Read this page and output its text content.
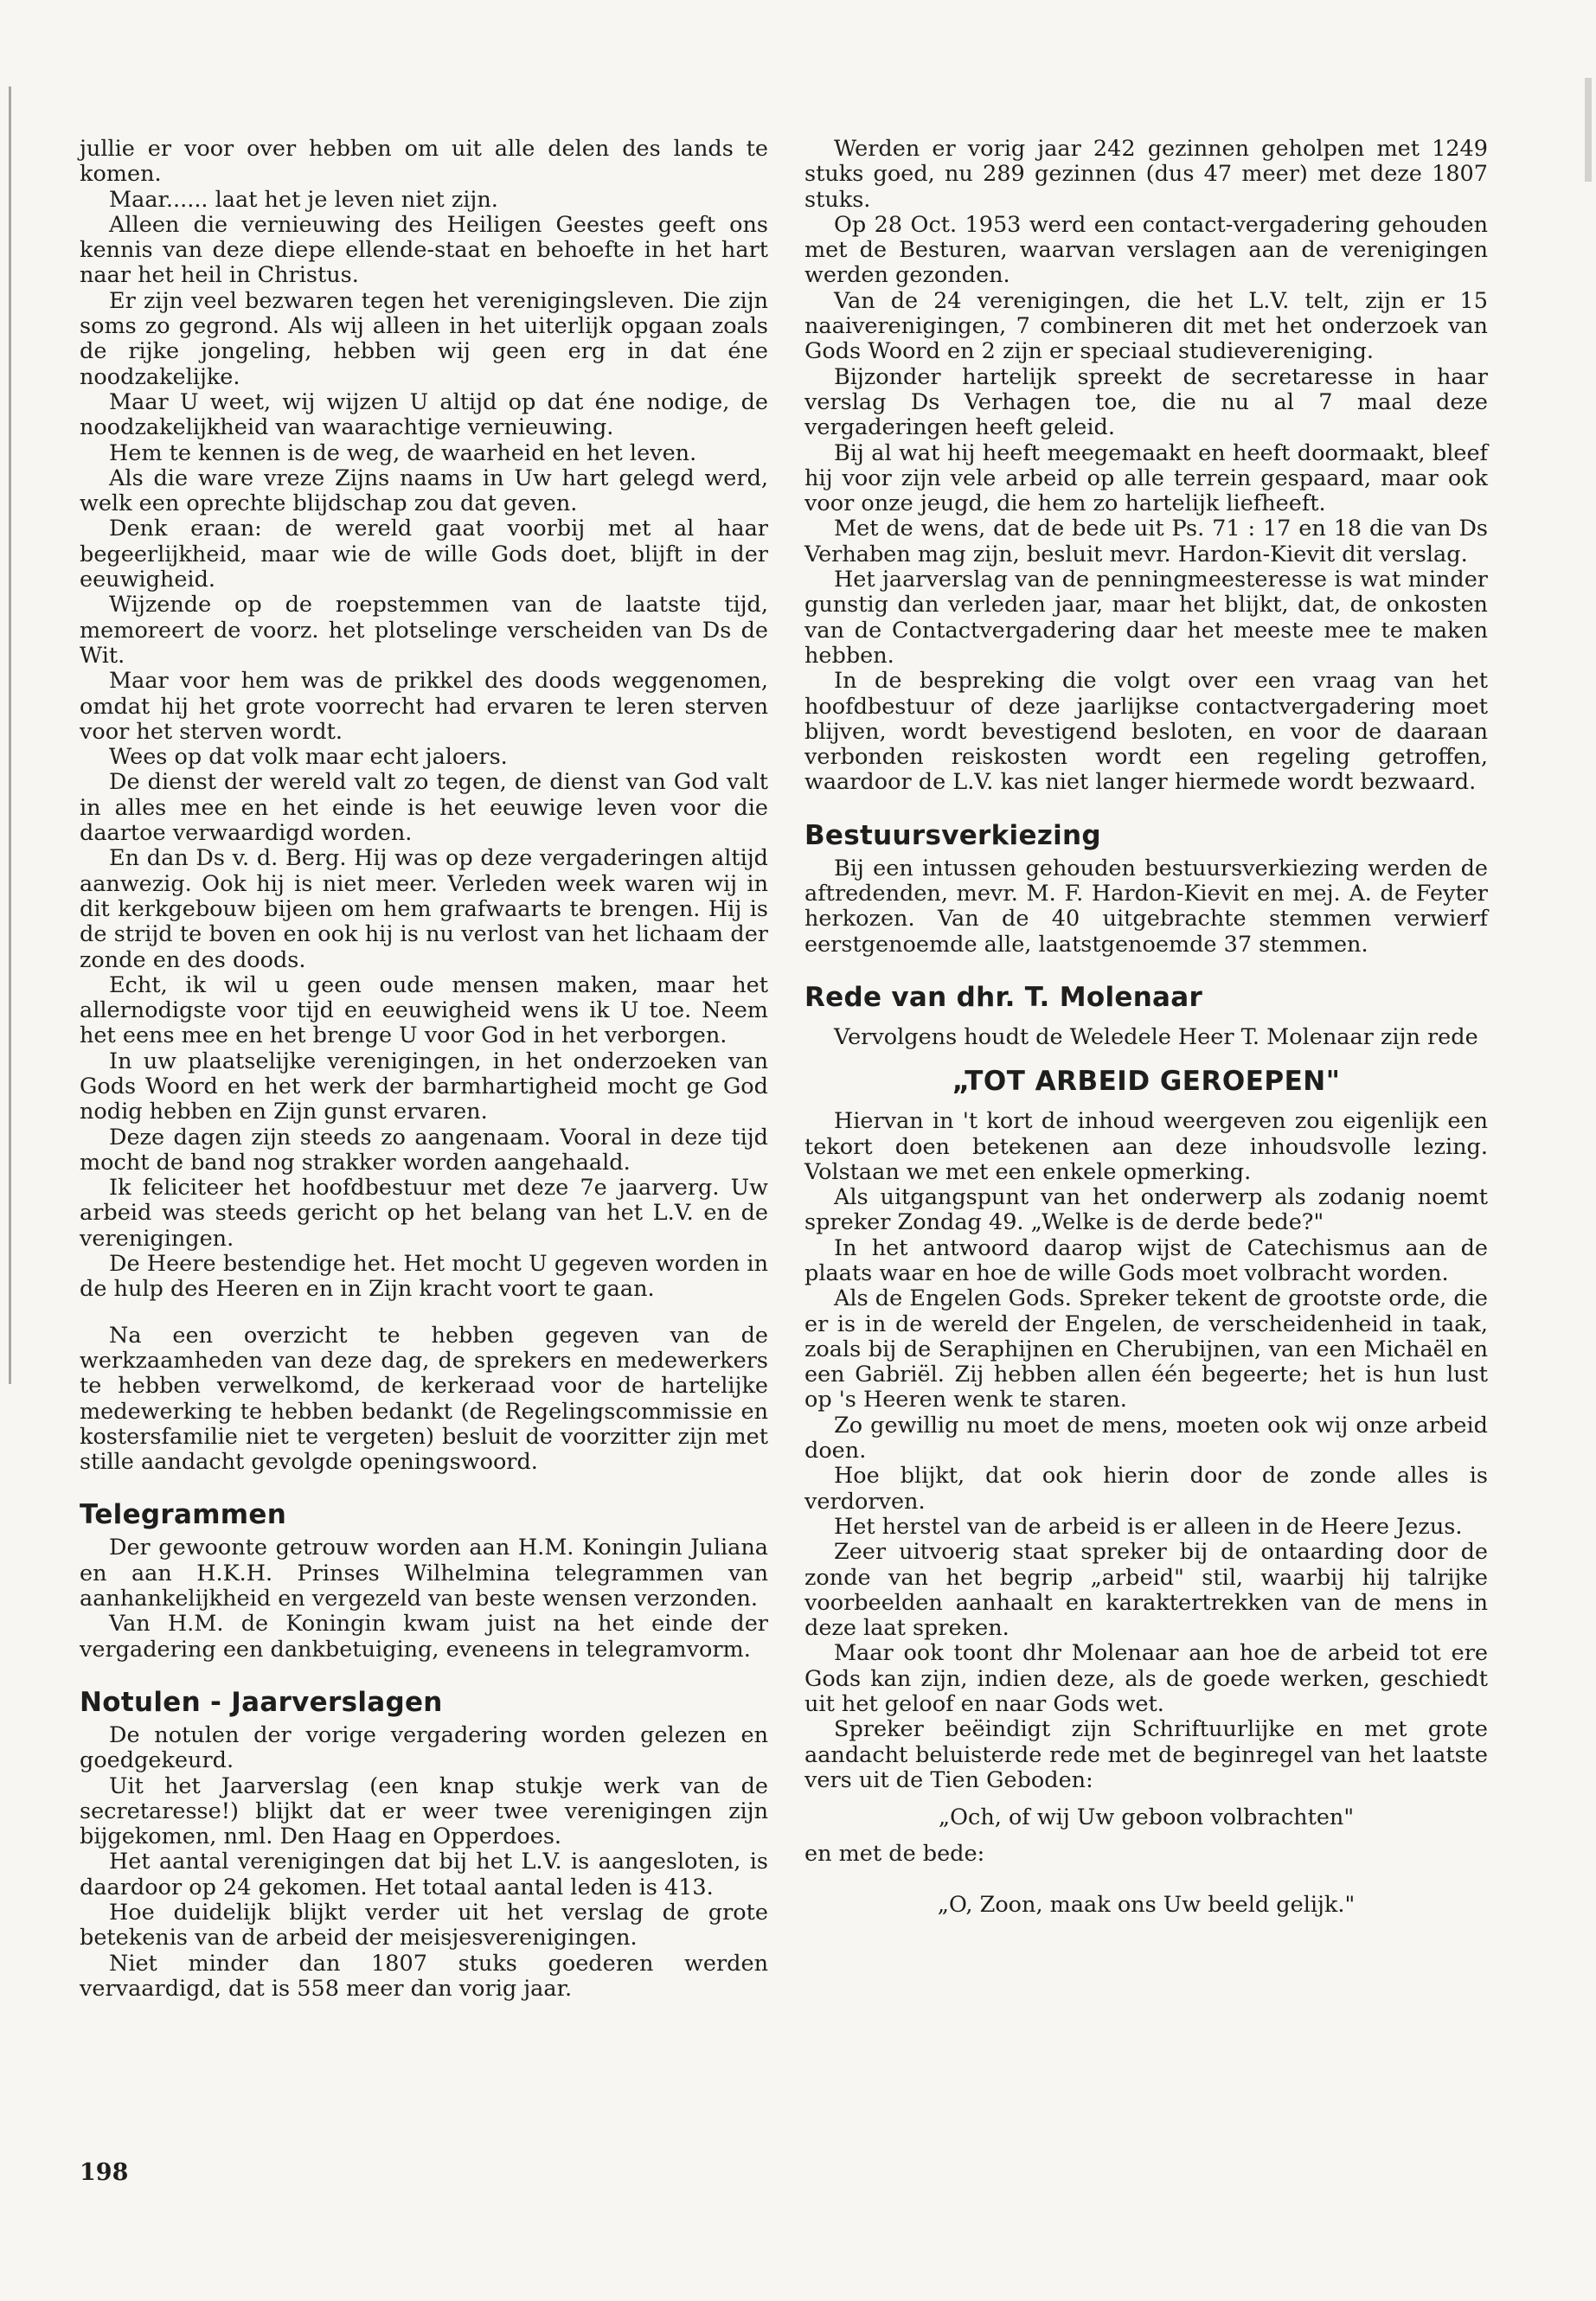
jullie er voor over hebben om uit alle delen des lands te komen.

Maar...... laat het je leven niet zijn.

Alleen die vernieuwing des Heiligen Geestes geeft ons kennis van deze diepe ellende-staat en behoefte in het hart naar het heil in Christus.

Er zijn veel bezwaren tegen het verenigingsleven. Die zijn soms zo gegrond. Als wij alleen in het uiterlijk opgaan zoals de rijke jongeling, hebben wij geen erg in dat éne noodzakelijke.

Maar U weet, wij wijzen U altijd op dat éne nodige, de noodzakelijkheid van waarachtige vernieuwing.

Hem te kennen is de weg, de waarheid en het leven.

Als die ware vreze Zijns naams in Uw hart gelegd werd, welk een oprechte blijdschap zou dat geven.

Denk eraan: de wereld gaat voorbij met al haar begeerlijkheid, maar wie de wille Gods doet, blijft in der eeuwigheid.

Wijzende op de roepstemmen van de laatste tijd, memoreert de voorz. het plotselinge verscheiden van Ds de Wit.

Maar voor hem was de prikkel des doods weggenomen, omdat hij het grote voorrecht had ervaren te leren sterven voor het sterven wordt.

Wees op dat volk maar echt jaloers.

De dienst der wereld valt zo tegen, de dienst van God valt in alles mee en het einde is het eeuwige leven voor die daartoe verwaardigd worden.

En dan Ds v. d. Berg. Hij was op deze vergaderingen altijd aanwezig. Ook hij is niet meer. Verleden week waren wij in dit kerkgebouw bijeen om hem grafwaarts te brengen. Hij is de strijd te boven en ook hij is nu verlost van het lichaam der zonde en des doods.

Echt, ik wil u geen oude mensen maken, maar het allernodigste voor tijd en eeuwigheid wens ik U toe. Neem het eens mee en het brenge U voor God in het verborgen.

In uw plaatselijke verenigingen, in het onderzoeken van Gods Woord en het werk der barmhartigheid mocht ge God nodig hebben en Zijn gunst ervaren.

Deze dagen zijn steeds zo aangenaam. Vooral in deze tijd mocht de band nog strakker worden aangehaald.

Ik feliciteer het hoofdbestuur met deze 7e jaarverg. Uw arbeid was steeds gericht op het belang van het L.V. en de verenigingen.

De Heere bestendige het. Het mocht U gegeven worden in de hulp des Heeren en in Zijn kracht voort te gaan.

Na een overzicht te hebben gegeven van de werkzaamheden van deze dag, de sprekers en medewerkers te hebben verwelkomd, de kerkeraad voor de hartelijke medewerking te hebben bedankt (de Regelingscommissie en kostersfamilie niet te vergeten) besluit de voorzitter zijn met stille aandacht gevolgde openingswoord.

Telegrammen

Der gewoonte getrouw worden aan H.M. Koningin Juliana en aan H.K.H. Prinses Wilhelmina telegrammen van aanhankelijkheid en vergezeld van beste wensen verzonden.

Van H.M. de Koningin kwam juist na het einde der vergadering een dankbetuiging, eveneens in telegramvorm.

Notulen - Jaarverslagen

De notulen der vorige vergadering worden gelezen en goedgekeurd.

Uit het Jaarverslag (een knap stukje werk van de secretaresse!) blijkt dat er weer twee verenigingen zijn bijgekomen, nml. Den Haag en Opperdoes.

Het aantal verenigingen dat bij het L.V. is aangesloten, is daardoor op 24 gekomen. Het totaal aantal leden is 413.

Hoe duidelijk blijkt verder uit het verslag de grote betekenis van de arbeid der meisjesverenigingen.

Niet minder dan 1807 stuks goederen werden vervaardigd, dat is 558 meer dan vorig jaar.

Werden er vorig jaar 242 gezinnen geholpen met 1249 stuks goed, nu 289 gezinnen (dus 47 meer) met deze 1807 stuks.

Op 28 Oct. 1953 werd een contact-vergadering gehouden met de Besturen, waarvan verslagen aan de verenigingen werden gezonden.

Van de 24 verenigingen, die het L.V. telt, zijn er 15 naaiverenigingen, 7 combineren dit met het onderzoek van Gods Woord en 2 zijn er speciaal studievereniging.

Bijzonder hartelijk spreekt de secretaresse in haar verslag Ds Verhagen toe, die nu al 7 maal deze vergaderingen heeft geleid.

Bij al wat hij heeft meegemaakt en heeft doormaakt, bleef hij voor zijn vele arbeid op alle terrein gespaard, maar ook voor onze jeugd, die hem zo hartelijk liefheeft.

Met de wens, dat de bede uit Ps. 71 : 17 en 18 die van Ds Verhaben mag zijn, besluit mevr. Hardon-Kievit dit verslag.

Het jaarverslag van de penningmeesteresse is wat minder gunstig dan verleden jaar, maar het blijkt, dat, de onkosten van de Contactvergadering daar het meeste mee te maken hebben.

In de bespreking die volgt over een vraag van het hoofdbestuur of deze jaarlijkse contactvergadering moet blijven, wordt bevestigend besloten, en voor de daaraan verbonden reiskosten wordt een regeling getroffen, waardoor de L.V. kas niet langer hiermede wordt bezwaard.

Bestuursverkiezing

Bij een intussen gehouden bestuursverkiezing werden de aftredenden, mevr. M. F. Hardon-Kievit en mej. A. de Feyter herkozen. Van de 40 uitgebrachte stemmen verwierf eerstgenoemde alle, laatstgenoemde 37 stemmen.

Rede van dhr. T. Molenaar

Vervolgens houdt de Weledele Heer T. Molenaar zijn rede

„TOT ARBEID GEROEPEN"

Hiervan in 't kort de inhoud weergeven zou eigenlijk een tekort doen betekenen aan deze inhoudsvolle lezing. Volstaan we met een enkele opmerking.

Als uitgangspunt van het onderwerp als zodanig noemt spreker Zondag 49. „Welke is de derde bede?"

In het antwoord daarop wijst de Catechismus aan de plaats waar en hoe de wille Gods moet volbracht worden.

Als de Engelen Gods. Spreker tekent de grootste orde, die er is in de wereld der Engelen, de verscheidenheid in taak, zoals bij de Seraphijnen en Cherubijnen, van een Michaël en een Gabriël. Zij hebben allen één begeerte; het is hun lust op 's Heeren wenk te staren.

Zo gewillig nu moet de mens, moeten ook wij onze arbeid doen.

Hoe blijkt, dat ook hierin door de zonde alles is verdorven.

Het herstel van de arbeid is er alleen in de Heere Jezus.

Zeer uitvoerig staat spreker bij de ontaarding door de zonde van het begrip „arbeid" stil, waarbij hij talrijke voorbeelden aanhaalt en karaktertrekken van de mens in deze laat spreken.

Maar ook toont dhr Molenaar aan hoe de arbeid tot ere Gods kan zijn, indien deze, als de goede werken, geschiedt uit het geloof en naar Gods wet.

Spreker beëindigt zijn Schriftuurlijke en met grote aandacht beluisterde rede met de beginregel van het laatste vers uit de Tien Geboden:

„Och, of wij Uw geboon volbrachten"

en met de bede:

„O, Zoon, maak ons Uw beeld gelijk."

198
